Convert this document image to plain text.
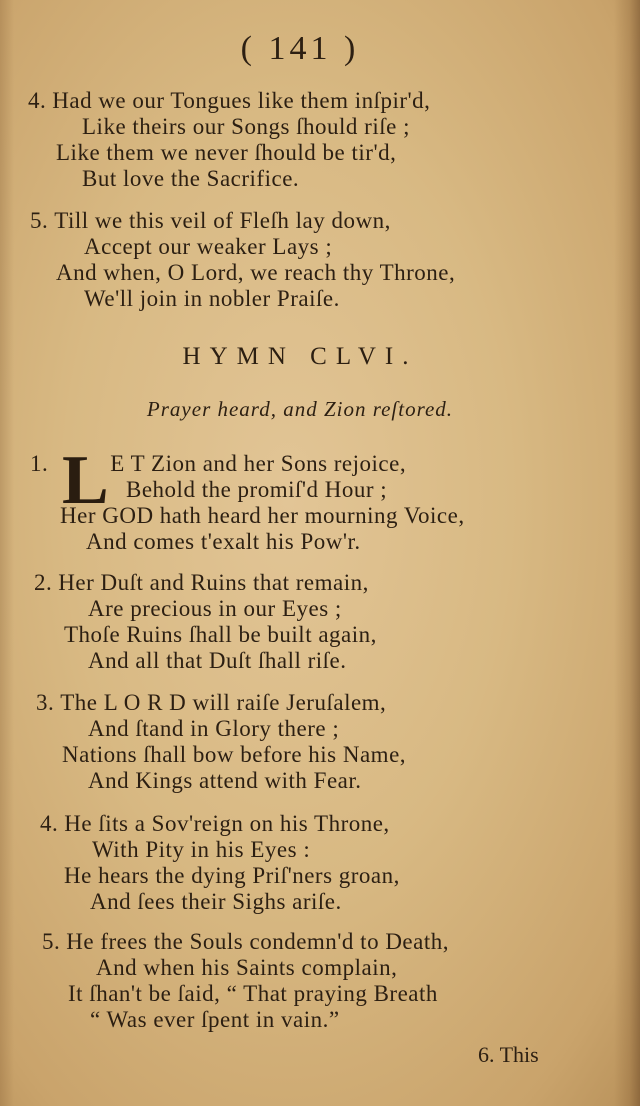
( 141 )
4. Had we our Tongues like them inſpir'd,
Like theirs our Songs ſhould riſe ;
Like them we never ſhould be tir'd,
But love the Sacrifice.
5. Till we this veil of Fleſh lay down,
Accept our weaker Lays ;
And when, O Lord, we reach thy Throne,
We'll join in nobler Praiſe.
HYMN CLVI.
Prayer heard, and Zion reſtored.
1.	E T Zion and her Sons rejoice,
Behold the promiſ'd Hour ;
Her GOD hath heard her mourning Voice,
And comes t'exalt his Pow'r.
L
2. Her Duſt and Ruins that remain,
Are precious in our Eyes ;
Thoſe Ruins ſhall be built again,
And all that Duſt ſhall riſe.
3. The L O R D will raiſe Jeruſalem,
And ſtand in Glory there ;
Nations ſhall bow before his Name,
And Kings attend with Fear.
4. He ſits a Sov'reign on his Throne,
With Pity in his Eyes :
He hears the dying Priſ'ners groan,
And ſees their Sighs ariſe.
5. He frees the Souls condemn'd to Death,
And when his Saints complain,
It ſhan't be ſaid, “ That praying Breath
“ Was ever ſpent in vain.”
6. This
